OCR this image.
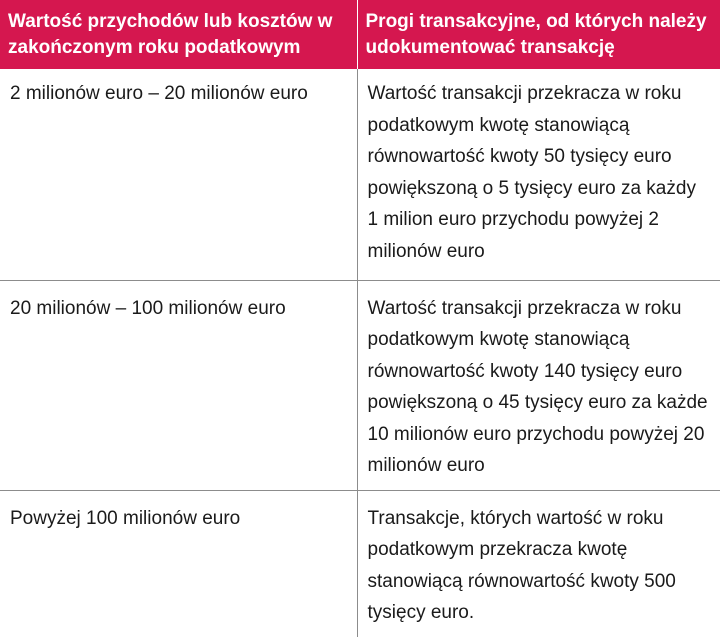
Wartość przychodów lub kosztów w zakończonym roku podatkowym	Progi transakcyjne, od których należy udokumentować transakcję
2 milionów euro – 20 milionów euro	Wartość transakcji przekracza w roku podatkowym kwotę stanowiącą równowartość kwoty 50 tysięcy euro powiększoną o 5 tysięcy euro za każdy 1 milion euro przychodu powyżej 2 milionów euro
20 milionów – 100 milionów euro	Wartość transakcji przekracza w roku podatkowym kwotę stanowiącą równowartość kwoty 140 tysięcy euro powiększoną o 45 tysięcy euro za każde 10 milionów euro przychodu powyżej 20 milionów euro
Powyżej 100 milionów euro	Transakcje, których wartość w roku podatkowym przekracza kwotę stanowiącą równowartość kwoty 500 tysięcy euro.
